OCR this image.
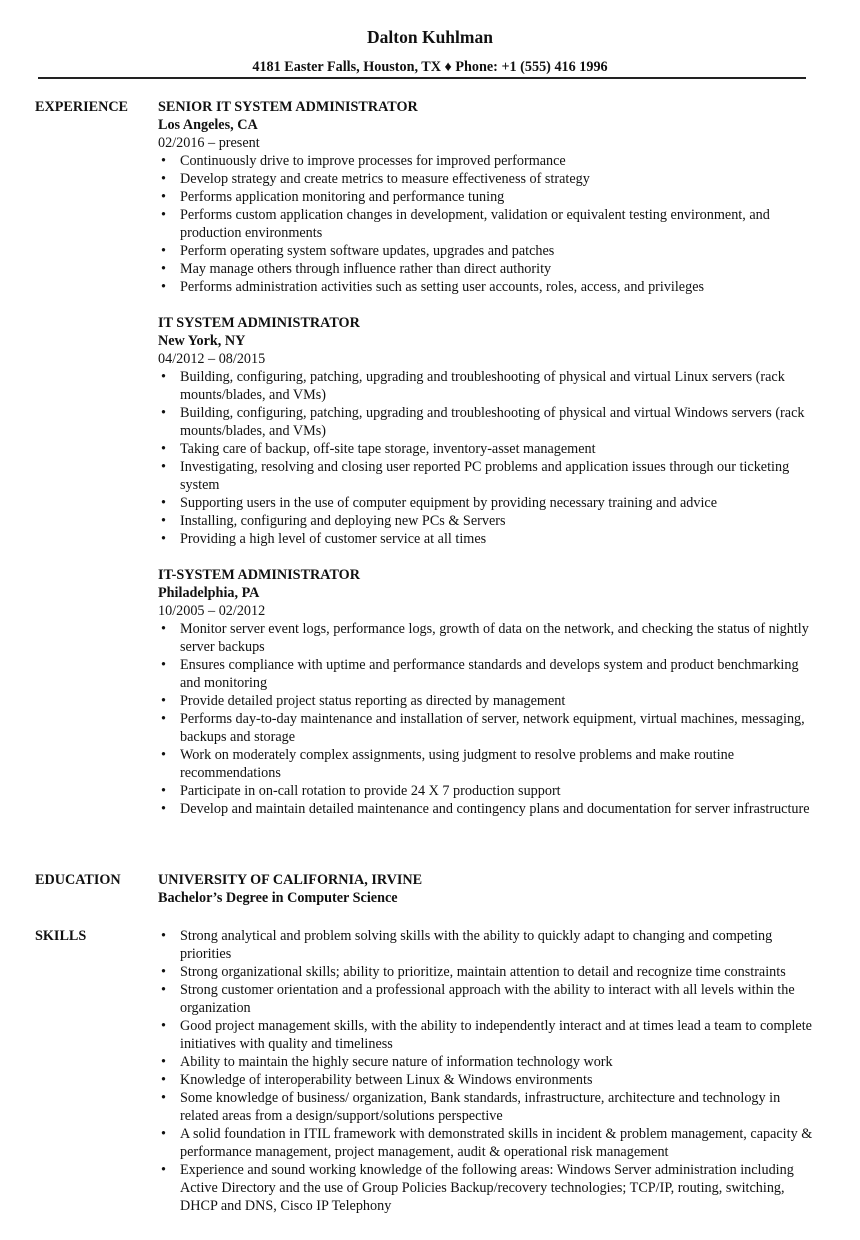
Dalton Kuhlman
4181 Easter Falls, Houston, TX ♦ Phone: +1 (555) 416 1996
EXPERIENCE SENIOR IT SYSTEM ADMINISTRATOR
Los Angeles, CA
02/2016 – present
• Continuously drive to improve processes for improved performance
• Develop strategy and create metrics to measure effectiveness of strategy
• Performs application monitoring and performance tuning
• Performs custom application changes in development, validation or equivalent testing environment, and production environments
• Perform operating system software updates, upgrades and patches
• May manage others through influence rather than direct authority
• Performs administration activities such as setting user accounts, roles, access, and privileges
IT SYSTEM ADMINISTRATOR
New York, NY
04/2012 – 08/2015
• Building, configuring, patching, upgrading and troubleshooting of physical and virtual Linux servers (rack mounts/blades, and VMs)
• Building, configuring, patching, upgrading and troubleshooting of physical and virtual Windows servers (rack mounts/blades, and VMs)
• Taking care of backup, off-site tape storage, inventory-asset management
• Investigating, resolving and closing user reported PC problems and application issues through our ticketing system
• Supporting users in the use of computer equipment by providing necessary training and advice
• Installing, configuring and deploying new PCs & Servers
• Providing a high level of customer service at all times
IT-SYSTEM ADMINISTRATOR
Philadelphia, PA
10/2005 – 02/2012
• Monitor server event logs, performance logs, growth of data on the network, and checking the status of nightly server backups
• Ensures compliance with uptime and performance standards and develops system and product benchmarking and monitoring
• Provide detailed project status reporting as directed by management
• Performs day-to-day maintenance and installation of server, network equipment, virtual machines, messaging, backups and storage
• Work on moderately complex assignments, using judgment to resolve problems and make routine recommendations
• Participate in on-call rotation to provide 24 X 7 production support
• Develop and maintain detailed maintenance and contingency plans and documentation for server infrastructure
EDUCATION	UNIVERSITY OF CALIFORNIA, IRVINE
Bachelor’s Degree in Computer Science
SKILLS
•	Strong analytical and problem solving skills with the ability to quickly adapt to changing and competing priorities
• Strong organizational skills; ability to prioritize, maintain attention to detail and recognize time constraints
• Strong customer orientation and a professional approach with the ability to interact with all levels within the organization
• Good project management skills, with the ability to independently interact and at times lead a team to complete initiatives with quality and timeliness
• Ability to maintain the highly secure nature of information technology work
• Knowledge of interoperability between Linux & Windows environments
• Some knowledge of business/ organization, Bank standards, infrastructure, architecture and technology in related areas from a design/support/solutions perspective
• A solid foundation in ITIL framework with demonstrated skills in incident & problem management, capacity & performance management, project management, audit & operational risk management
• Experience and sound working knowledge of the following areas: Windows Server administration including Active Directory and the use of Group Policies Backup/recovery technologies; TCP/IP, routing, switching, DHCP and DNS, Cisco IP Telephony
